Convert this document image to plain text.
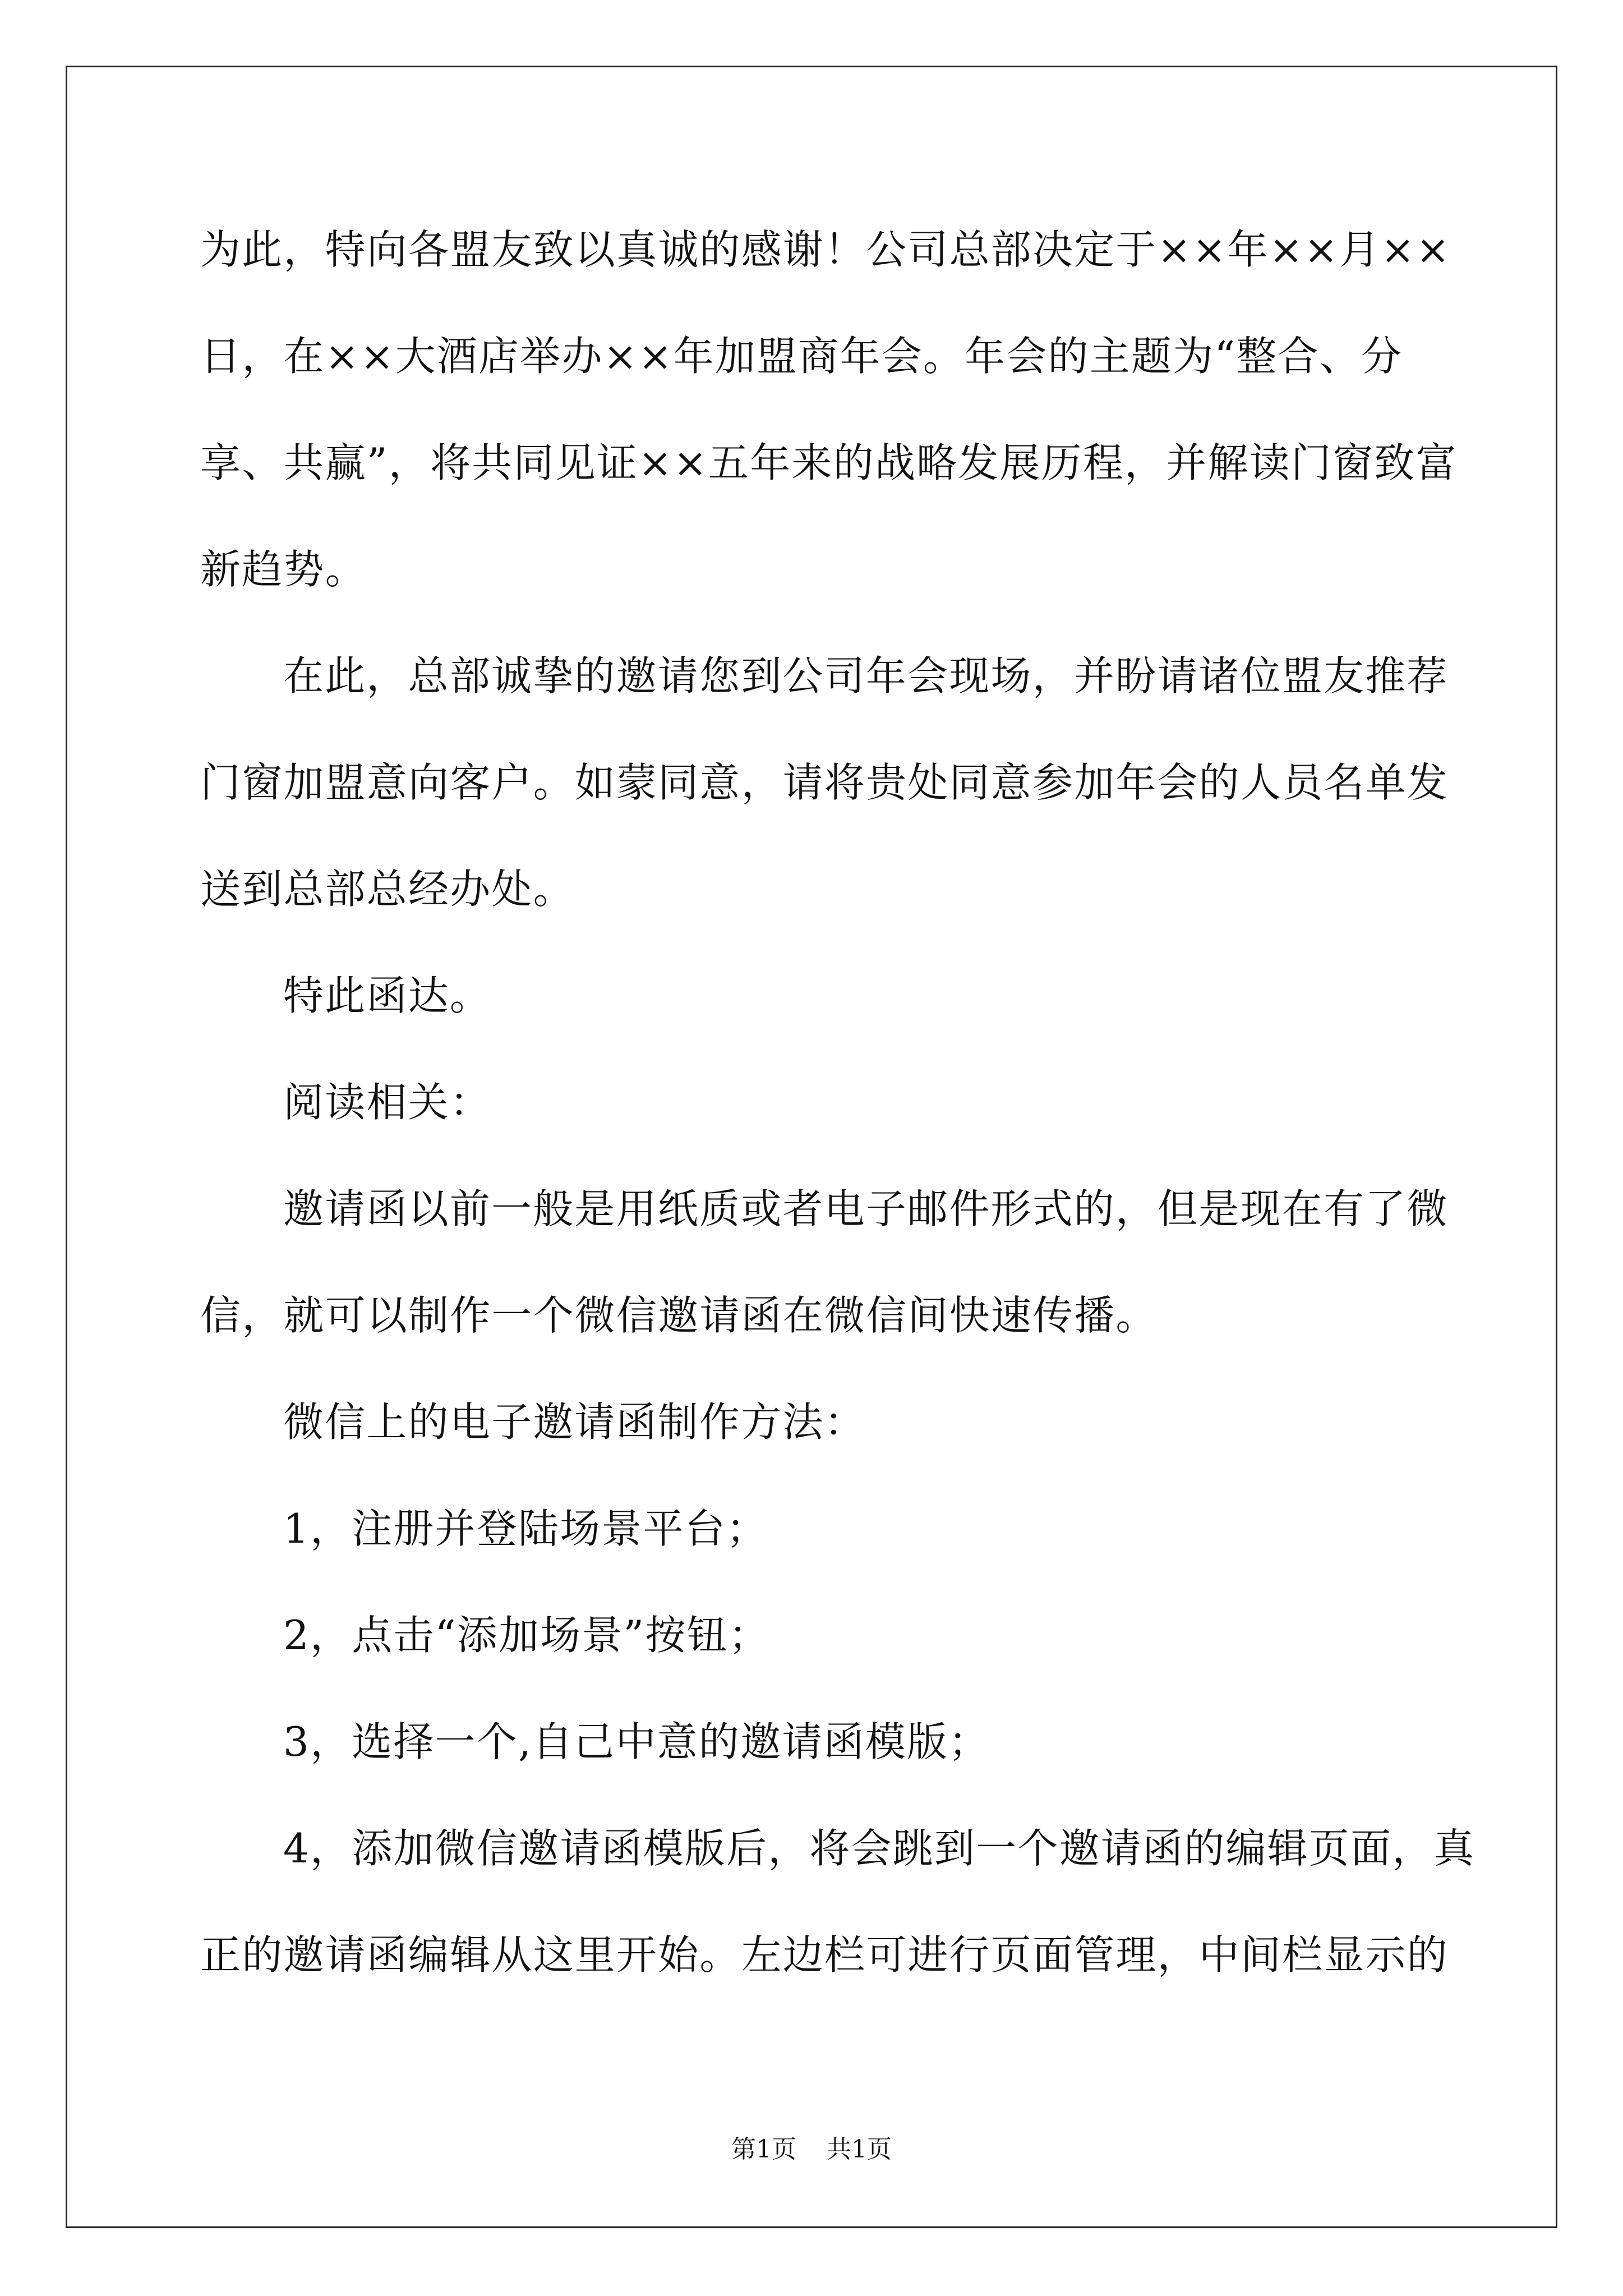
为此，特向各盟友致以真诚的感谢！公司总部决定于××年××月××

日，在××大酒店举办××年加盟商年会。年会的主题为“整合、分

享、共赢”，将共同见证××五年来的战略发展历程，并解读门窗致富

新趋势。

在此，总部诚挚的邀请您到公司年会现场，并盼请诸位盟友推荐

门窗加盟意向客户。如蒙同意，请将贵处同意参加年会的人员名单发

送到总部总经办处。

特此函达。

阅读相关：

邀请函以前一般是用纸质或者电子邮件形式的，但是现在有了微

信，就可以制作一个微信邀请函在微信间快速传播。

微信上的电子邀请函制作方法：

1，注册并登陆场景平台；

2，点击“添加场景”按钮；

3，选择一个,自己中意的邀请函模版；

4，添加微信邀请函模版后，将会跳到一个邀请函的编辑页面，真

正的邀请函编辑从这里开始。左边栏可进行页面管理，中间栏显示的

第1页 共1页
